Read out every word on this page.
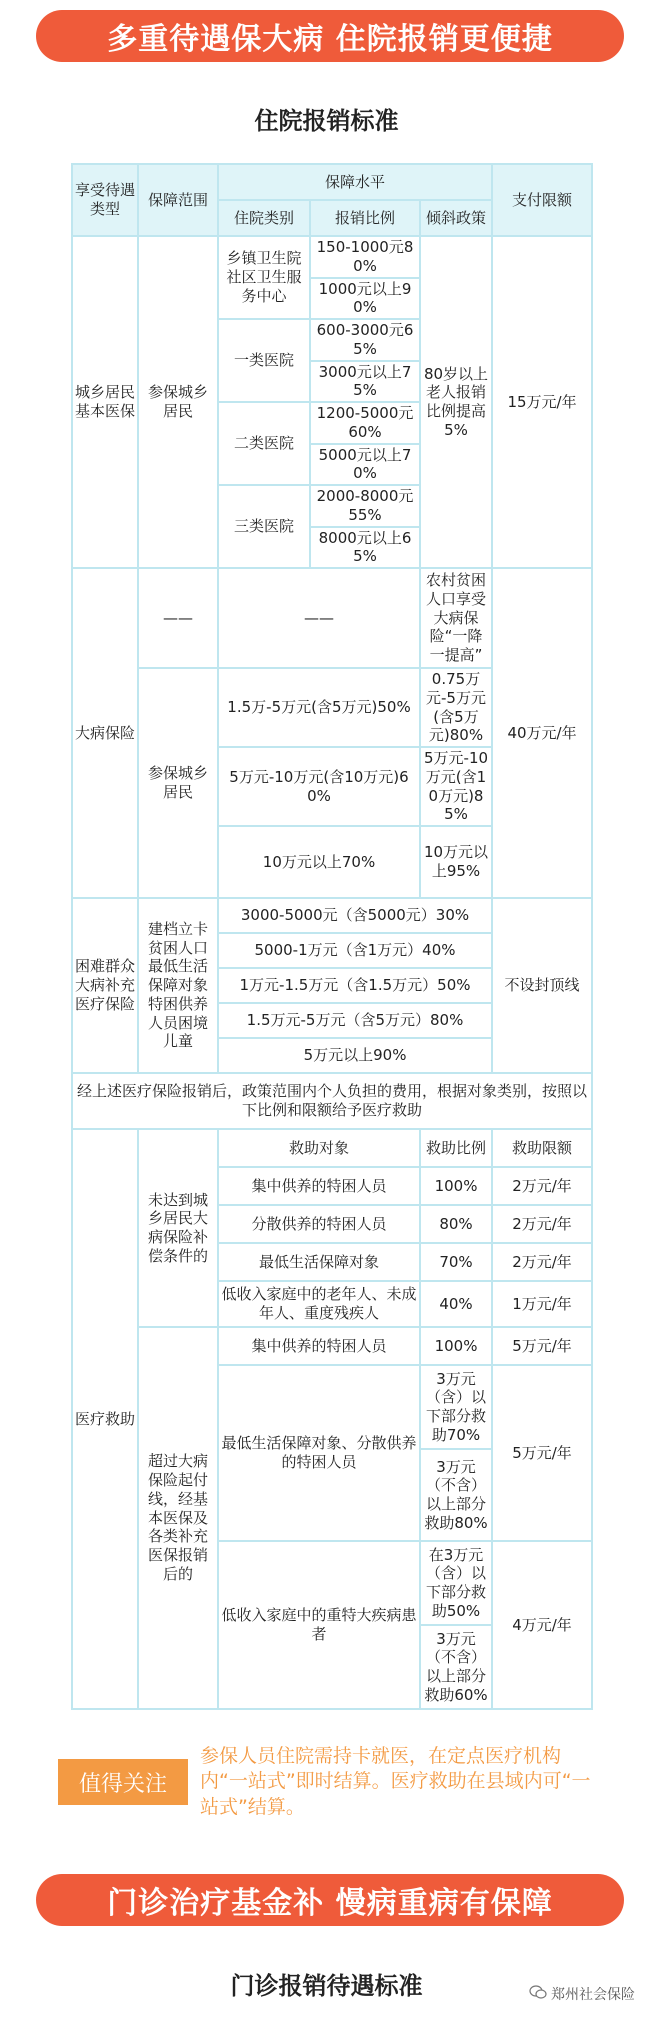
多重待遇保大病 住院报销更便捷
住院报销标准
享受待遇类型	保障范围	保障水平			支付限额
		住院类别	报销比例	倾斜政策	
城乡居民基本医保	参保城乡居民	乡镇卫生院社区卫生服务中心	150-1000元80%	80岁以上老人报销比例提高5%	15万元/年
			1000元以上90%		
		一类医院	600-3000元65%		
			3000元以上75%		
		二类医院	1200-5000元60%		
			5000元以上70%		
		三类医院	2000-8000元55%		
			8000元以上65%		
大病保险	——	——		农村贫困人口享受大病保险“一降一提高”	40万元/年
	参保城乡居民	1.5万-5万元(含5万元)50%		0.75万元-5万元(含5万元)80%	
		5万元-10万元(含10万元)60%		5万元-10万元(含10万元)85%	
		10万元以上70%		10万元以上95%	
困难群众大病补充医疗保险	建档立卡贫困人口最低生活保障对象特困供养人员困境儿童	3000-5000元（含5000元）30%			不设封顶线
		5000-1万元（含1万元）40%			
		1万元-1.5万元（含1.5万元）50%			
		1.5万元-5万元（含5万元）80%			
		5万元以上90%			
经上述医疗保险报销后，政策范围内个人负担的费用，根据对象类别，按照以下比例和限额给予医疗救助					
医疗救助	未达到城乡居民大病保险补偿条件的	救助对象		救助比例	救助限额
		集中供养的特困人员		100%	2万元/年
		分散供养的特困人员		80%	2万元/年
		最低生活保障对象		70%	2万元/年
		低收入家庭中的老年人、未成年人、重度残疾人		40%	1万元/年
	超过大病保险起付线，经基本医保及各类补充医保报销后的	集中供养的特困人员		100%	5万元/年
		最低生活保障对象、分散供养的特困人员		3万元（含）以下部分救助70%	5万元/年
				3万元（不含）以上部分救助80%	
		低收入家庭中的重特大疾病患者		在3万元（含）以下部分救助50%	4万元/年
				3万元（不含）以上部分救助60%	
值得关注
参保人员住院需持卡就医，在定点医疗机构内“一站式”即时结算。医疗救助在县域内可“一站式”结算。
门诊治疗基金补 慢病重病有保障
门诊报销待遇标准	郑州社会保险
